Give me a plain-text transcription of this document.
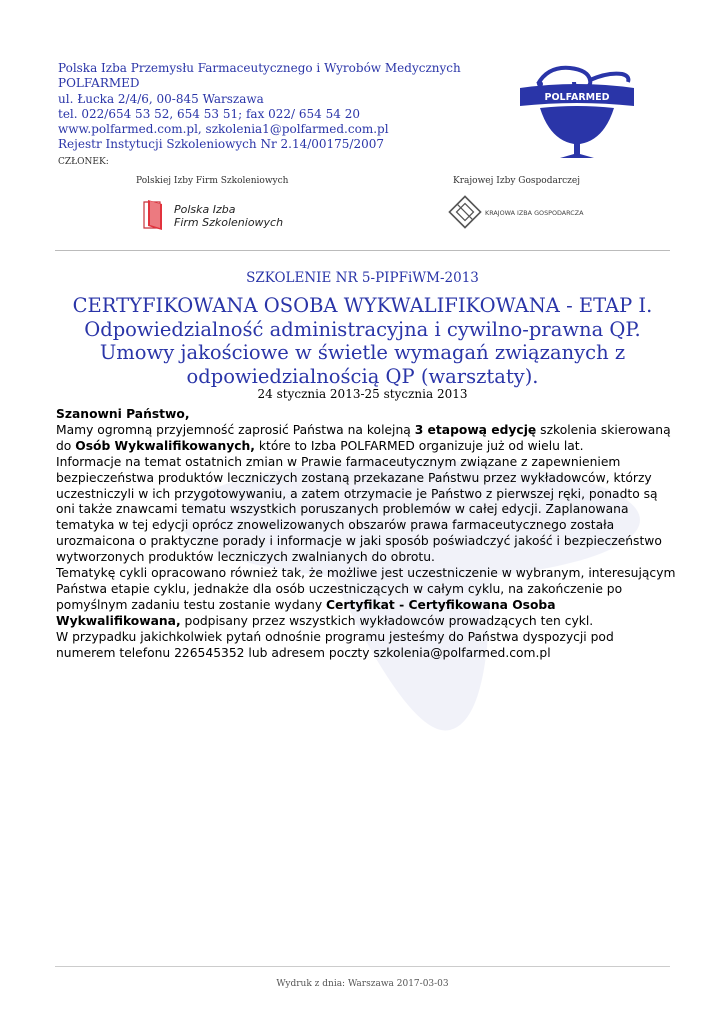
Polska Izba Przemysłu Farmaceutycznego i Wyrobów Medycznych
POLFARMED
ul. Łucka 2/4/6, 00-845 Warszawa
tel. 022/654 53 52, 654 53 51; fax 022/ 654 54 20
www.polfarmed.com.pl, szkolenia1@polfarmed.com.pl
Rejestr Instytucji Szkoleniowych Nr 2.14/00175/2007
POLFARMED
CZŁONEK:
Polskiej Izby Firm Szkoleniowych	Krajowej Izby Gospodarczej
Polska Izba
Firm Szkoleniowych
KRAJOWA IZBA GOSPODARCZA
SZKOLENIE NR 5-PIPFiWM-2013
CERTYFIKOWANA OSOBA WYKWALIFIKOWANA - ETAP I. Odpowiedzialność administracyjna i cywilno-prawna QP. Umowy jakościowe w świetle wymagań związanych z odpowiedzialnością QP (warsztaty).
24 stycznia 2013-25 stycznia 2013

Szanowni Państwo,

Mamy ogromną przyjemność zaprosić Państwa na kolejną 3 etapową edycję szkolenia skierowaną do Osób Wykwalifikowanych, które to Izba POLFARMED organizuje już od wielu lat.

Informacje na temat ostatnich zmian w Prawie farmaceutycznym związane z zapewnieniem bezpieczeństwa produktów leczniczych zostaną przekazane Państwu przez wykładowców, którzy uczestniczyli w ich przygotowywaniu, a zatem otrzymacie je Państwo z pierwszej ręki, ponadto są oni także znawcami tematu wszystkich poruszanych problemów w całej edycji. Zaplanowana tematyka w tej edycji oprócz znowelizowanych obszarów prawa farmaceutycznego została urozmaicona o praktyczne porady i informacje w jaki sposób poświadczyć jakość i bezpieczeństwo wytworzonych produktów leczniczych zwalnianych do obrotu.

Tematykę cykli opracowano również tak, że możliwe jest uczestniczenie w wybranym, interesującym Państwa etapie cyklu, jednakże dla osób uczestniczących w całym cyklu, na zakończenie po pomyślnym zadaniu testu zostanie wydany Certyfikat - Certyfikowana Osoba Wykwalifikowana, podpisany przez wszystkich wykładowców prowadzących ten cykl.

W przypadku jakichkolwiek pytań odnośnie programu jesteśmy do Państwa dyspozycji pod numerem telefonu 226545352 lub adresem poczty szkolenia@polfarmed.com.pl

Wydruk z dnia: Warszawa 2017-03-03
